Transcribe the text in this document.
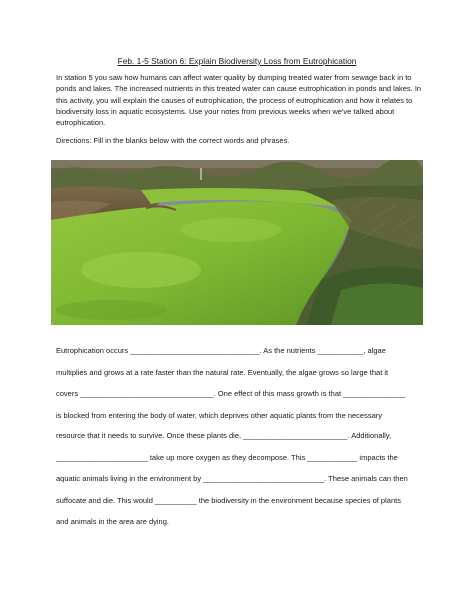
Feb. 1-5 Station 6: Explain Biodiversity Loss from Eutrophication
In station 5 you saw how humans can affect water quality by dumping treated water from sewage back in to ponds and lakes. The increased nutrients in this treated water can cause eutrophication in ponds and lakes. In this activity, you will explain the causes of eutrophication, the process of eutrophication and how it relates to biodiversity loss in aquatic ecosystems. Use your notes from previous weeks when we've talked about eutrophication.
Directions: Fill in the blanks below with the correct words and phrases.
Eutrophication occurs _______________________________. As the nutrients ___________, algae
multiplies and grows at a rate faster than the natural rate. Eventually, the algae grows so large that it
covers ________________________________. One effect of this mass growth is that _______________
is blocked from entering the body of water, which deprives other aquatic plants from the necessary
resource that it needs to survive. Once these plants die, _________________________. Additionally,
______________________ take up more oxygen as they decompose. This ____________ impacts the
aquatic animals living in the environment by _____________________________. These animals can then
suffocate and die. This would __________ the biodiversity in the environment because species of plants
and animals in the area are dying.
